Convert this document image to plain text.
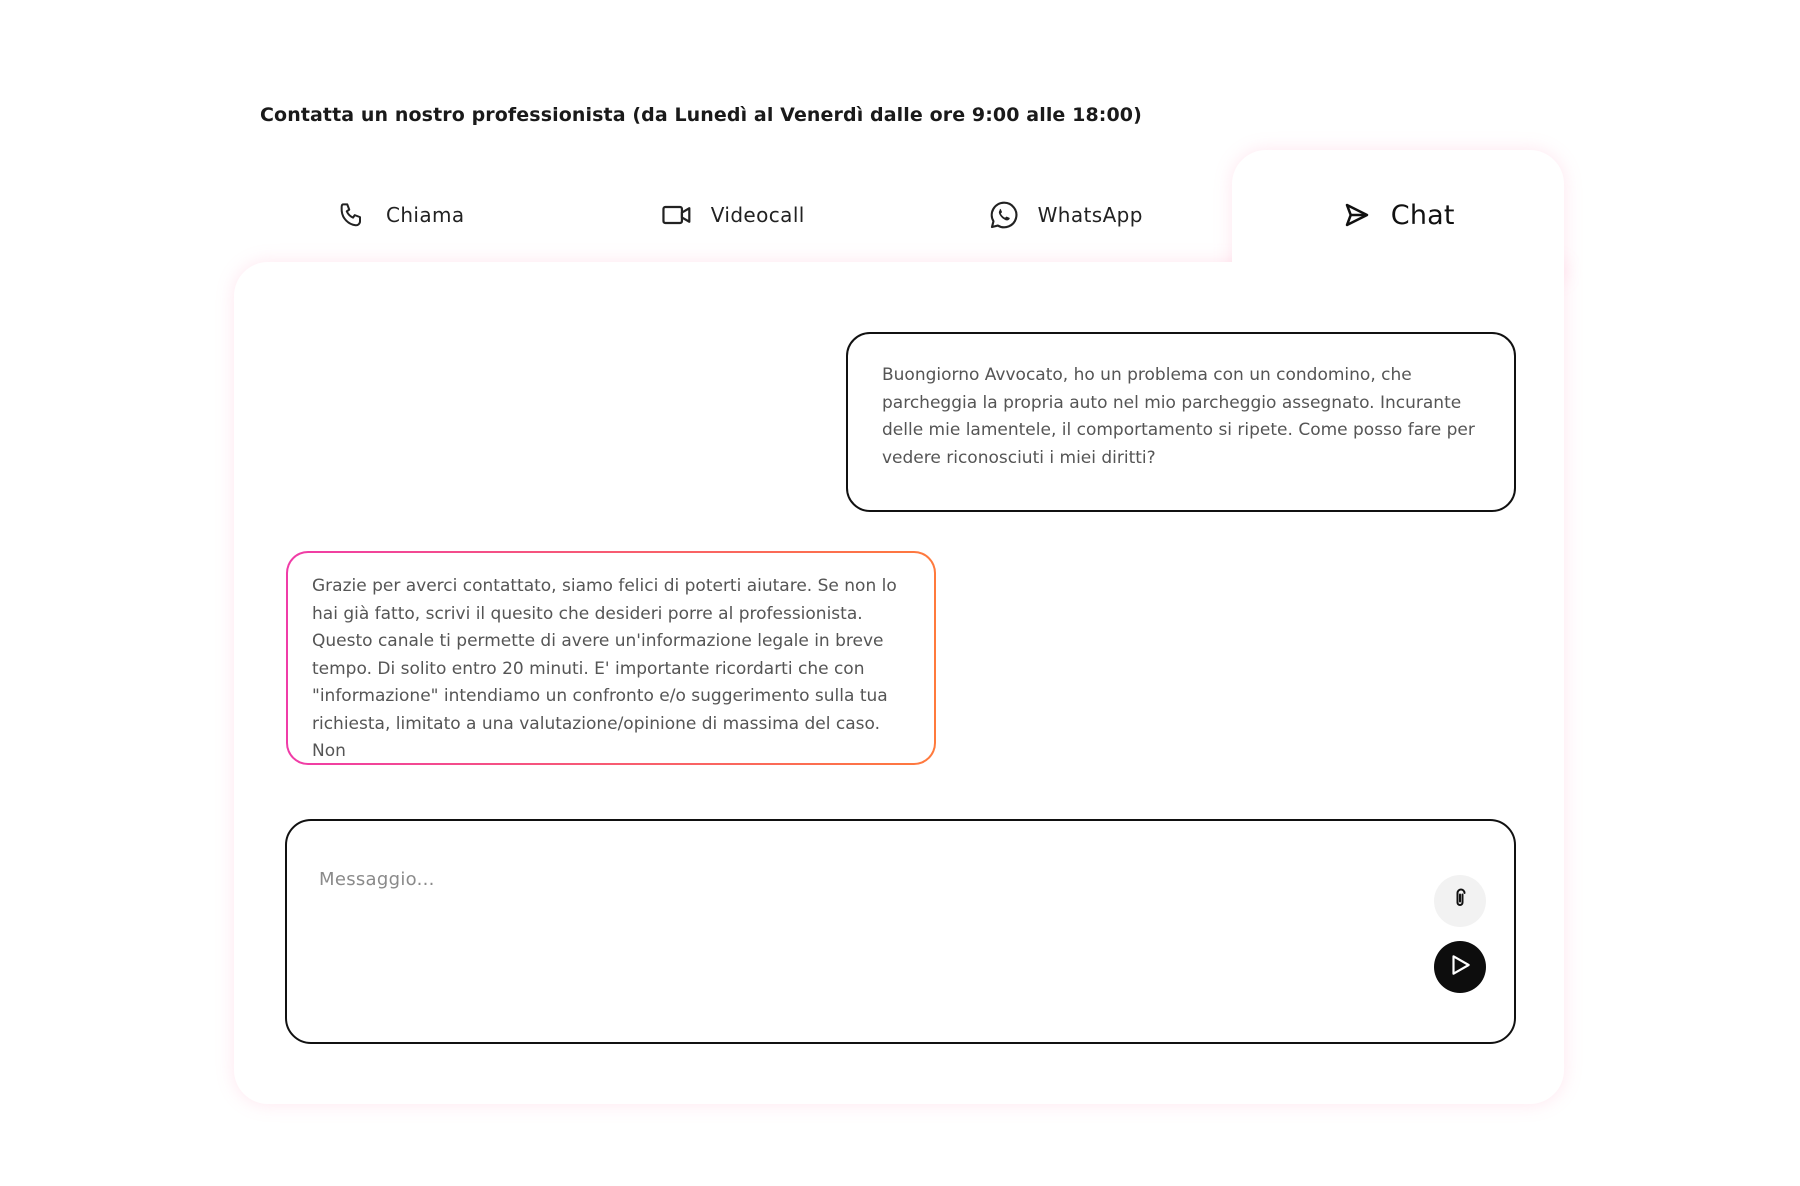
Contatta un nostro professionista (da Lunedì al Venerdì dalle ore 9:00 alle 18:00)
Chiama	Videocall	WhatsApp	Chat
Buongiorno Avvocato, ho un problema con un condomino, che parcheggia la propria auto nel mio parcheggio assegnato. Incurante delle mie lamentele, il comportamento si ripete. Come posso fare per vedere riconosciuti i miei diritti?
Grazie per averci contattato, siamo felici di poterti aiutare. Se non lo hai già fatto, scrivi il quesito che desideri porre al professionista. Questo canale ti permette di avere un'informazione legale in breve tempo. Di solito entro 20 minuti. E' importante ricordarti che con "informazione" intendiamo un confronto e/o suggerimento sulla tua richiesta, limitato a una valutazione/opinione di massima del caso. Non
Messaggio...
